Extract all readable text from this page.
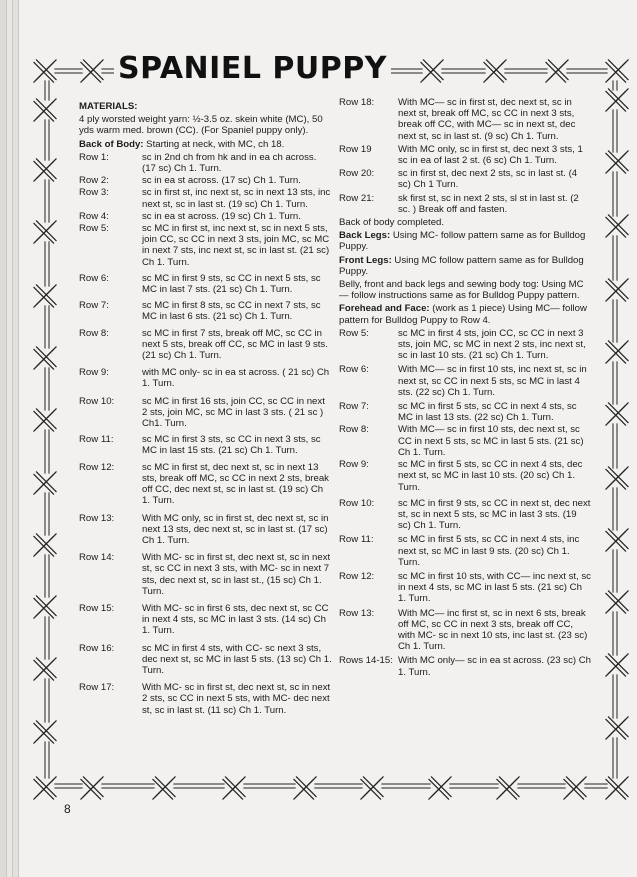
SPANIEL PUPPY
MATERIALS:
4 ply worsted weight yarn: ½-3.5 oz. skein white (MC), 50 yds warm med. brown (CC). (For Spaniel puppy only).
Back of Body: Starting at neck, with MC, ch 18.
Row 1:	sc in 2nd ch from hk and in ea ch across. (17 sc) Ch 1. Turn.
Row 2:	sc in ea st across. (17 sc) Ch 1. Turn.
Row 3:	sc in first st, inc next st, sc in next 13 sts, inc next st, sc in last st. (19 sc) Ch 1. Turn.
Row 4:	sc in ea st across. (19 sc) Ch 1. Turn.
Row 5:	sc MC in first st, inc next st, sc in next 5 sts, join CC, sc CC in next 3 sts, join MC, sc MC in next 7 sts, inc next st, sc in last st. (21 sc) Ch 1. Turn.
Row 6:	sc MC in first 9 sts, sc CC in next 5 sts, sc MC in last 7 sts. (21 sc) Ch 1. Turn.
Row 7:	sc MC in first 8 sts, sc CC in next 7 sts, sc MC in last 6 sts. (21 sc) Ch 1. Turn.
Row 8:	sc MC in first 7 sts, break off MC, sc CC in next 5 sts, break off CC, sc MC in last 9 sts. (21 sc) Ch 1. Turn.
Row 9:	with MC only- sc in ea st across. ( 21 sc) Ch 1. Turn.
Row 10:	sc MC in first 16 sts, join CC, sc CC in next 2 sts, join MC, sc MC in last 3 sts. ( 21 sc ) Ch1. Turn.
Row 11:	sc MC in first 3 sts, sc CC in next 3 sts, sc MC in last 15 sts. (21 sc) Ch 1. Turn.
Row 12:	sc MC in first st, dec next st, sc in next 13 sts, break off MC, sc CC in next 2 sts, break off CC, dec next st, sc in last st. (19 sc) Ch 1. Turn.
Row 13:	With MC only, sc in first st, dec next st, sc in next 13 sts, dec next st, sc in last st. (17 sc) Ch 1. Turn.
Row 14:	With MC- sc in first st, dec next st, sc in next st, sc CC in next 3 sts, with MC- sc in next 7 sts, dec next st, sc in last st., (15 sc) Ch 1. Turn.
Row 15:	With MC- sc in first 6 sts, dec next st, sc CC in next 4 sts, sc MC in last 3 sts. (14 sc) Ch 1. Turn.
Row 16:	sc MC in first 4 sts, with CC- sc next 3 sts, dec next st, sc MC in last 5 sts. (13 sc) Ch 1. Turn.
Row 17:	With MC- sc in first st, dec next st, sc in next 2 sts, sc CC in next 5 sts, with MC- dec next st, sc in last st. (11 sc) Ch 1. Turn.
Row 18:	With MC— sc in first st, dec next st, sc in next st, break off MC, sc CC in next 3 sts, break off CC, with MC— sc in next st, dec next st, sc in last st. (9 sc) Ch 1. Turn.
Row 19	With MC only, sc in first st, dec next 3 sts, 1 sc in ea of last 2 st. (6 sc) Ch 1. Turn.
Row 20:	sc in first st, dec next 2 sts, sc in last st. (4 sc) Ch 1 Turn.
Row 21:	sk first st, sc in next 2 sts, sl st in last st. (2 sc. ) Break off and fasten.
Back of body completed.
Back Legs: Using MC- follow pattern same as for Bulldog Puppy.
Front Legs: Using MC follow pattern same as for Bulldog Puppy.
Belly, front and back legs and sewing body tog: Using MC— follow instructions same as for Bulldog Puppy pattern.
Forehead and Face: (work as 1 piece) Using MC— follow pattern for Bulldog Puppy to Row 4.
Row 5:	sc MC in first 4 sts, join CC, sc CC in next 3 sts, join MC, sc MC in next 2 sts, inc next st, sc in last 10 sts. (21 sc) Ch 1. Turn.
Row 6:	With MC— sc in first 10 sts, inc next st, sc in next st, sc CC in next 5 sts, sc MC in last 4 sts. (22 sc) Ch 1. Turn.
Row 7:	sc MC in first 5 sts, sc CC in next 4 sts, sc MC in last 13 sts. (22 sc) Ch 1. Turn.
Row 8:	With MC— sc in first 10 sts, dec next st, sc CC in next 5 sts, sc MC in last 5 sts. (21 sc) Ch 1. Turn.
Row 9:	sc MC in first 5 sts, sc CC in next 4 sts, dec next st, sc MC in last 10 sts. (20 sc) Ch 1. Turn.
Row 10:	sc MC in first 9 sts, sc CC in next st, dec next st, sc in next 5 sts, sc MC in last 3 sts. (19 sc) Ch 1. Turn.
Row 11:	sc MC in first 5 sts, sc CC in next 4 sts, inc next st, sc MC in last 9 sts. (20 sc) Ch 1. Turn.
Row 12:	sc MC in first 10 sts, with CC— inc next st, sc in next 4 sts, sc MC in last 5 sts. (21 sc) Ch 1. Turn.
Row 13:	With MC— inc first st, sc in next 6 sts, break off MC, sc CC in next 3 sts, break off CC, with MC- sc in next 10 sts, inc last st. (23 sc) Ch 1. Turn.
Rows 14-15: With MC only— sc in ea st across. (23 sc) Ch 1. Turn.
8
